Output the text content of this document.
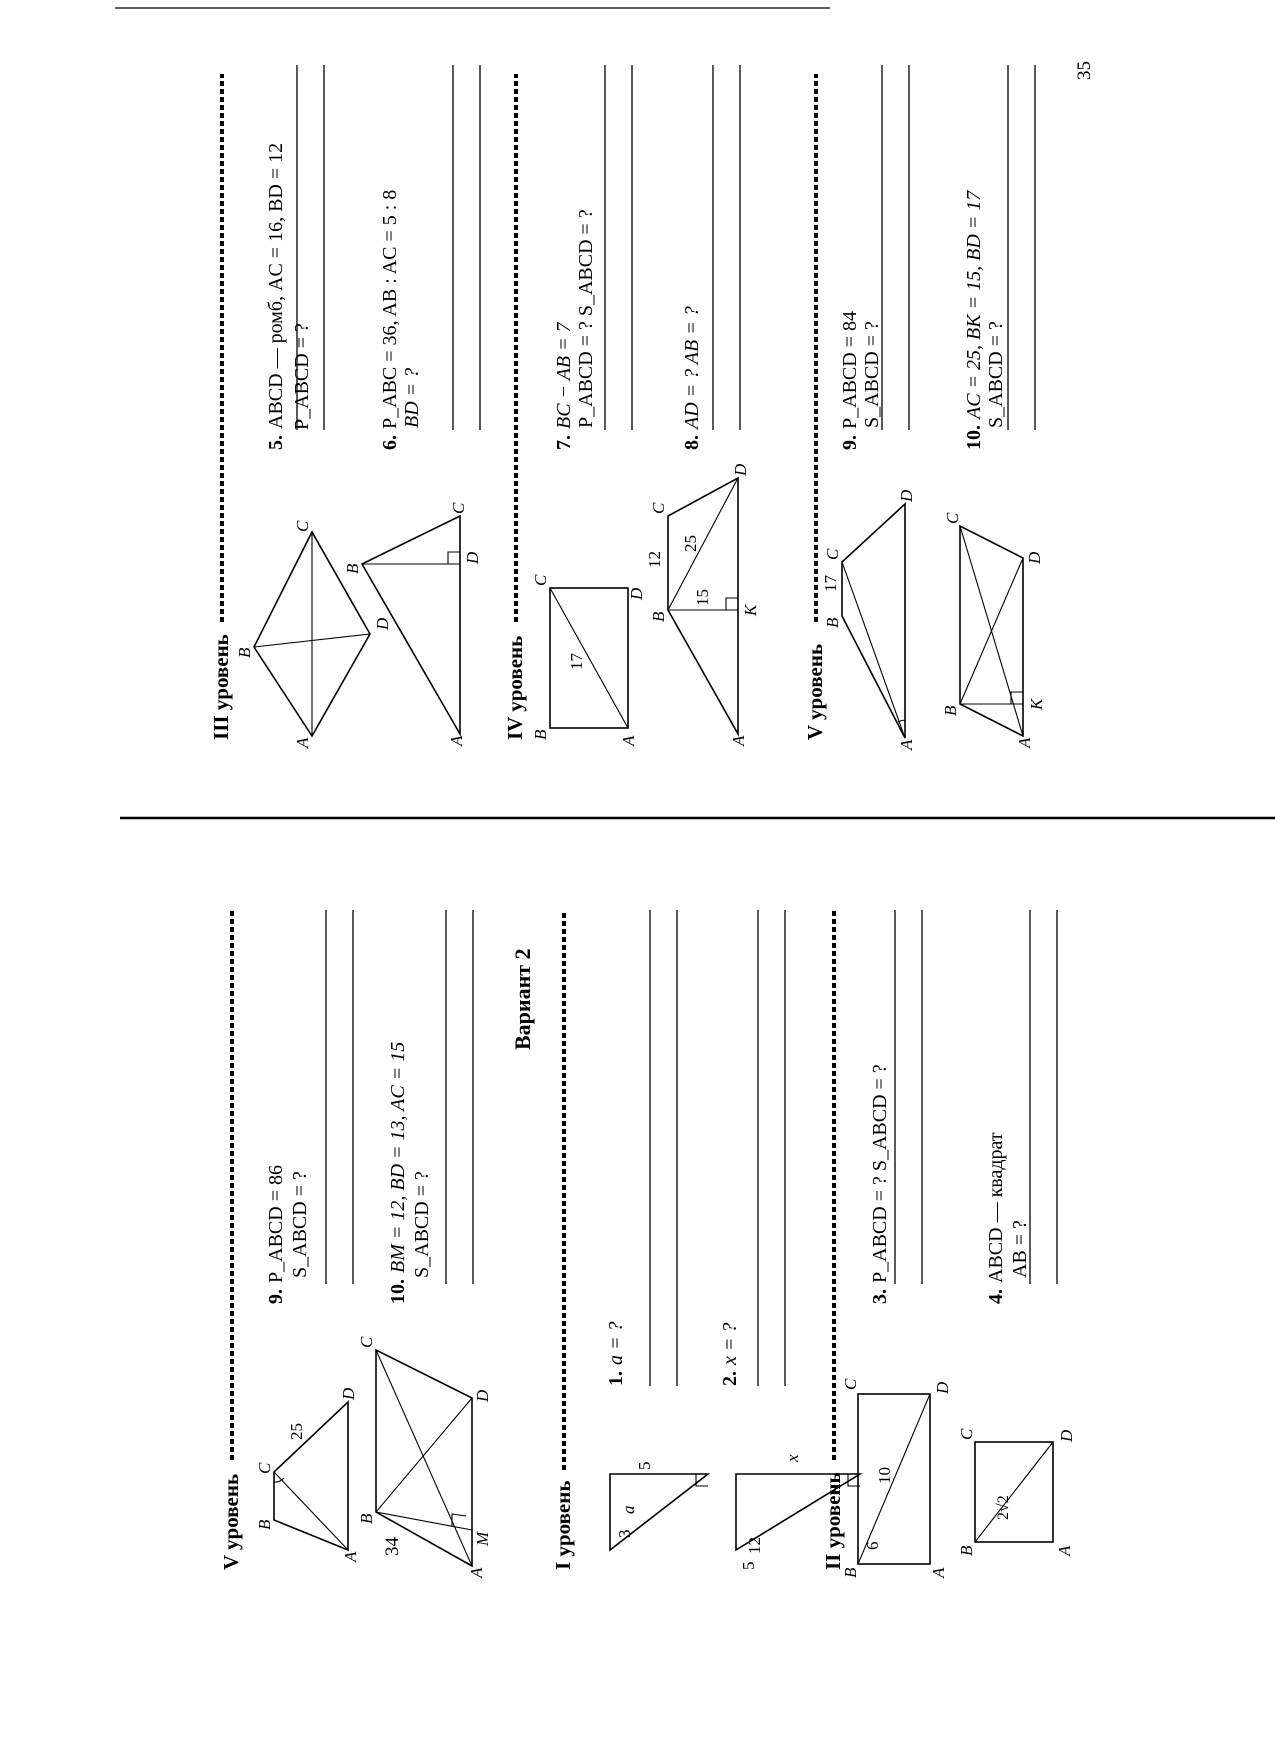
35
III уровень
A
B
C
D
5.ABCD — ромб, AC = 16, BD = 12 P_ABCD = ?
A
B
C
D
6.P_ABC = 36, AB : AC = 5 : 8 BD = ?
IV уровень B
C
D
A
17
7.BC − AB = 7 P_ABCD = ? S_ABCD = ?
A
B
C
D
K
12
25
15
8.AD = ? AB = ?
V уровень
A
B
C
D
17
9.P_ABCD = 84 S_ABCD = ?
A
B
C
D
K
10.AC = 25, BK = 15, BD = 17 S_ABCD = ?
34
V уровень	A
B
C
D
25
9.P_ABCD = 86 S_ABCD = ?
A
B
C
D
M
10.BM = 12, BD = 13, AC = 15 S_ABCD = ?
Вариант 2
I уровень	a
5
3
1.a = ?
12
x
5
2.x = ?
II уровень
B
C	D
A
10
6
3.P_ABCD = ? S_ABCD = ?
B
C	D
A
2√2
4.ABCD — квадрат AB = ?
